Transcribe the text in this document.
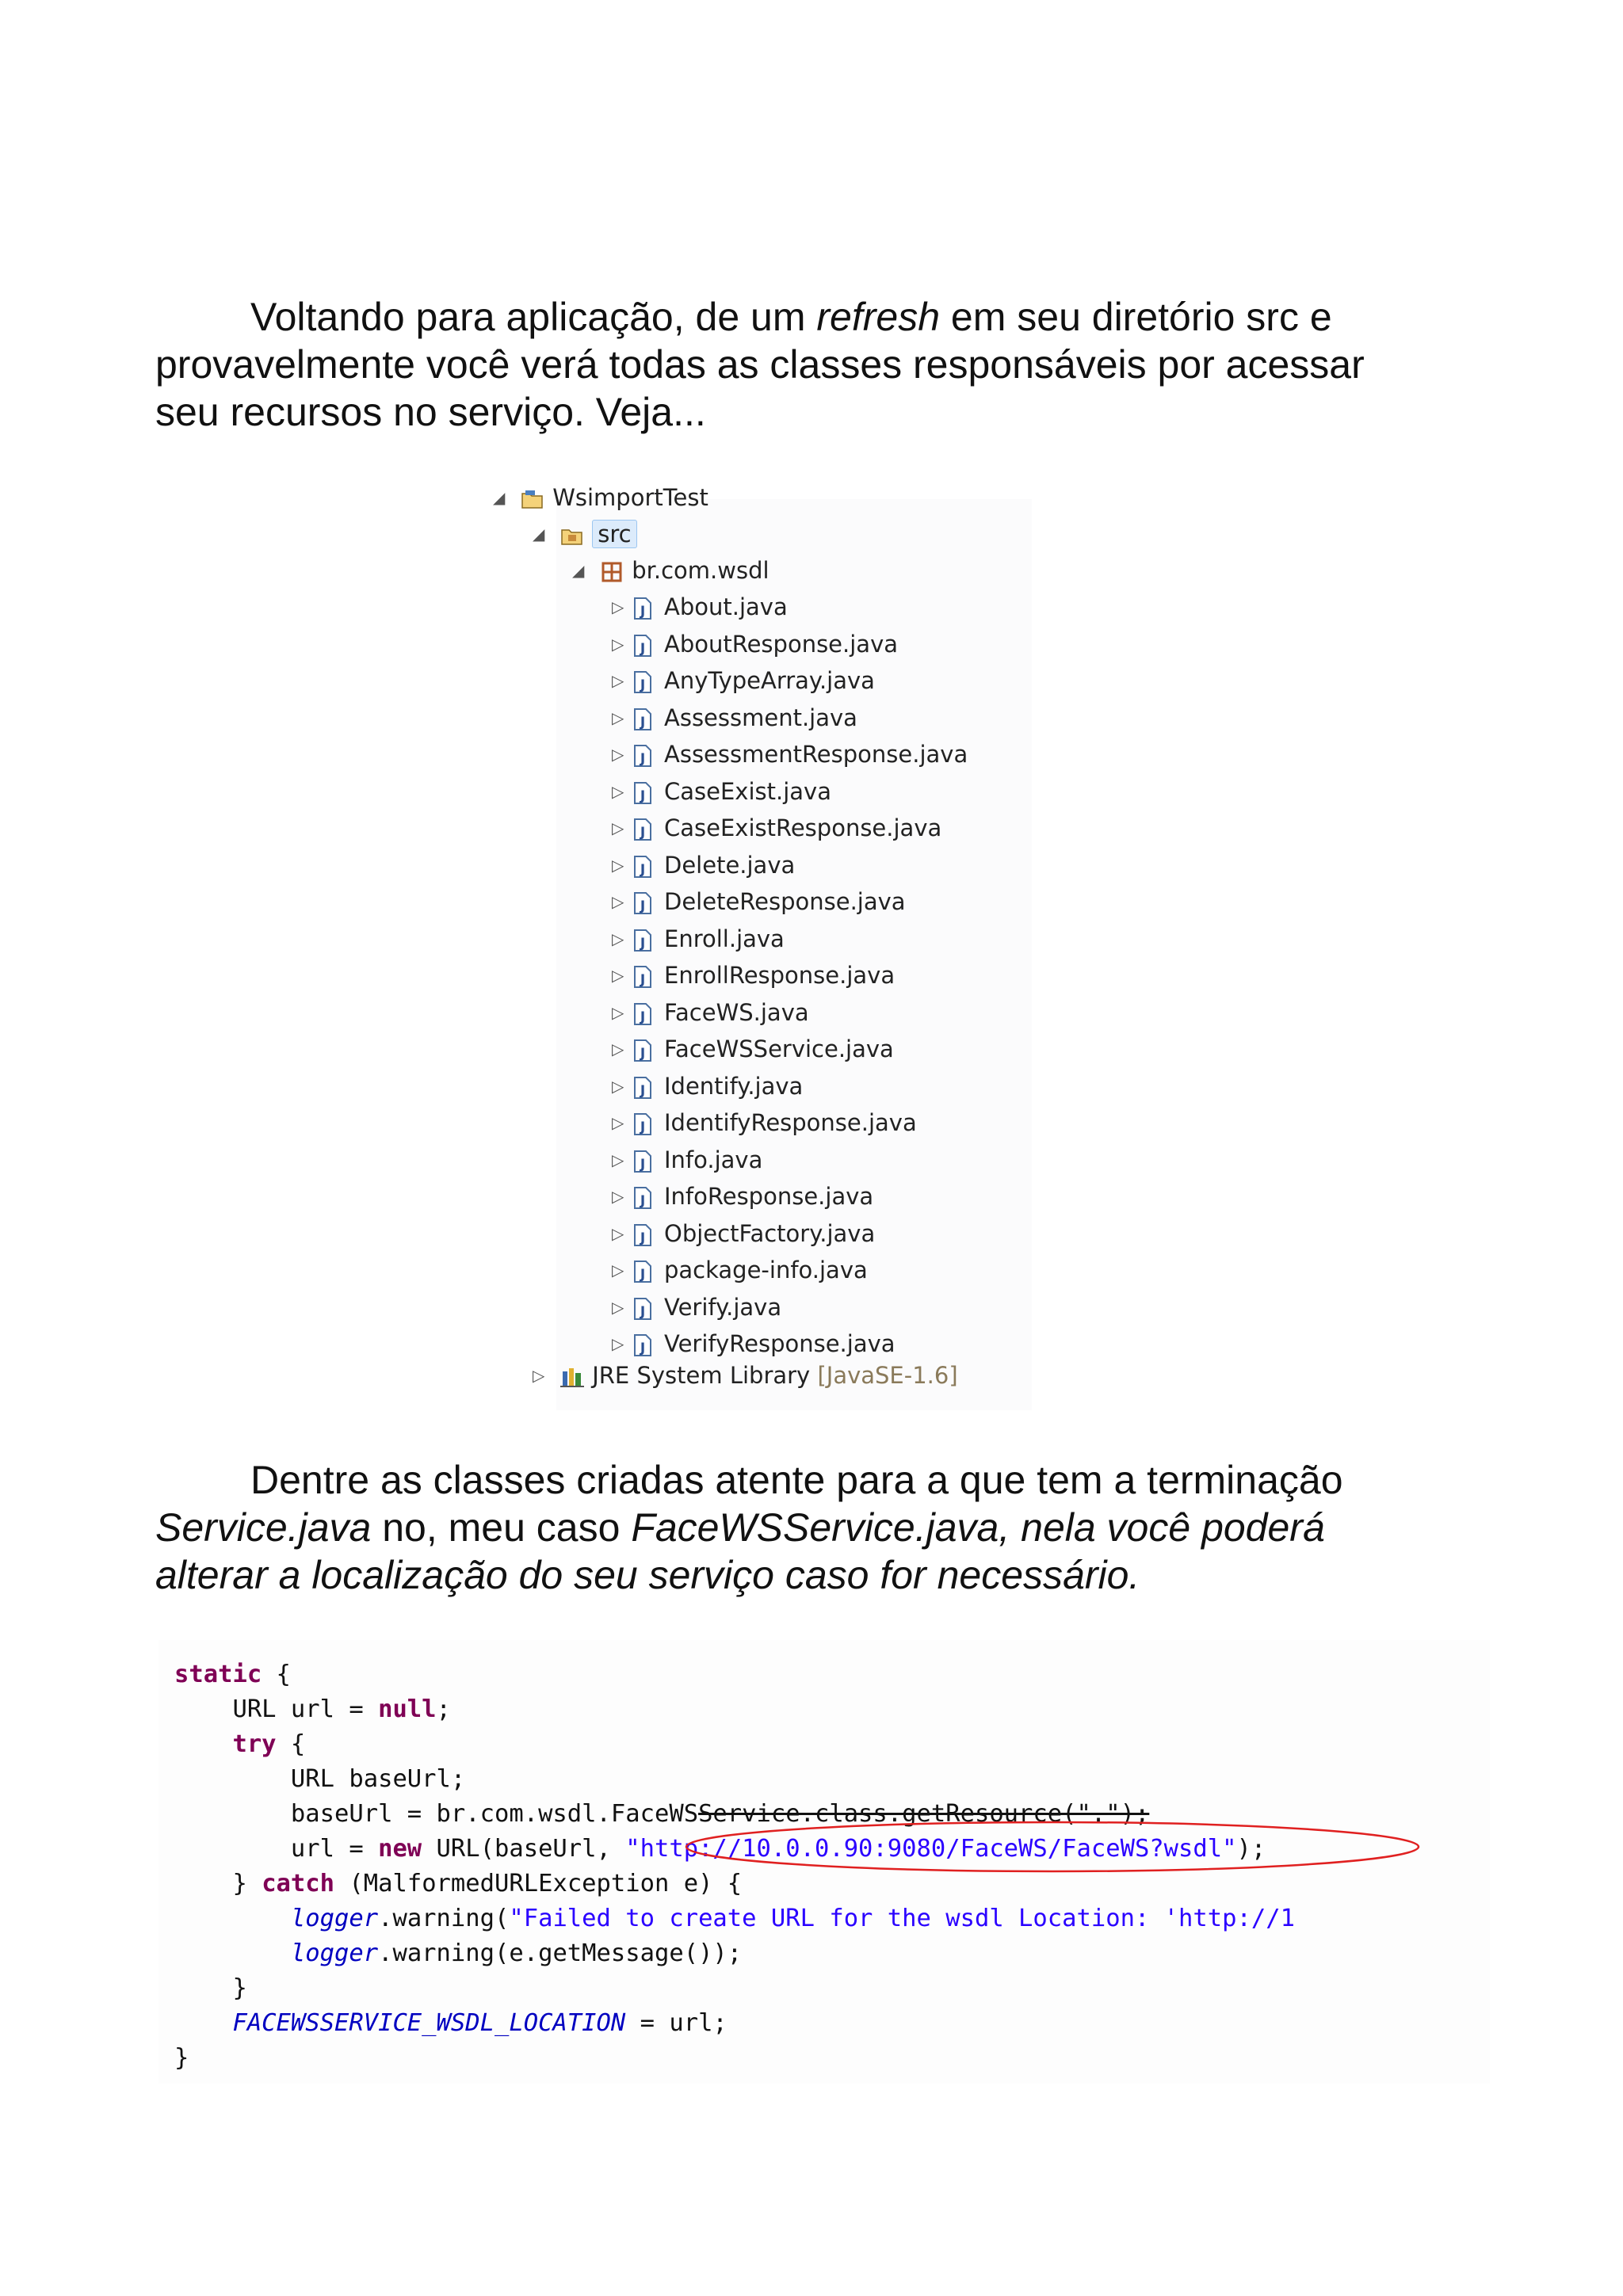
Voltando para aplicação, de um refresh em seu diretório src e provavelmente você verá todas as classes responsáveis por acessar seu recursos no serviço. Veja...

◢ WsimportTest
◢ src
◢ br.com.wsdl
▷ J About.java
▷ J AboutResponse.java
▷ J AnyTypeArray.java
▷ J Assessment.java
▷ J AssessmentResponse.java
▷ J CaseExist.java
▷ J CaseExistResponse.java
▷ J Delete.java
▷ J DeleteResponse.java
▷ J Enroll.java
▷ J EnrollResponse.java
▷ J FaceWS.java
▷ J FaceWSService.java
▷ J Identify.java
▷ J IdentifyResponse.java
▷ J Info.java
▷ J InfoResponse.java
▷ J ObjectFactory.java
▷ J package-info.java
▷ J Verify.java
▷ J VerifyResponse.java
▷ JRE System Library [JavaSE-1.6]

Dentre as classes criadas atente para a que tem a terminação Service.java no, meu caso FaceWSService.java, nela você poderá alterar a localização do seu serviço caso for necessário.

static {
URL url = null;
try {
URL baseUrl;
baseUrl = br.com.wsdl.FaceWSService.class.getResource(".");
url = new URL(baseUrl, "http://10.0.0.90:9080/FaceWS/FaceWS?wsdl");
} catch (MalformedURLException e) {
logger.warning("Failed to create URL for the wsdl Location: 'http://1
logger.warning(e.getMessage());
}
FACEWSSERVICE_WSDL_LOCATION = url;
}
